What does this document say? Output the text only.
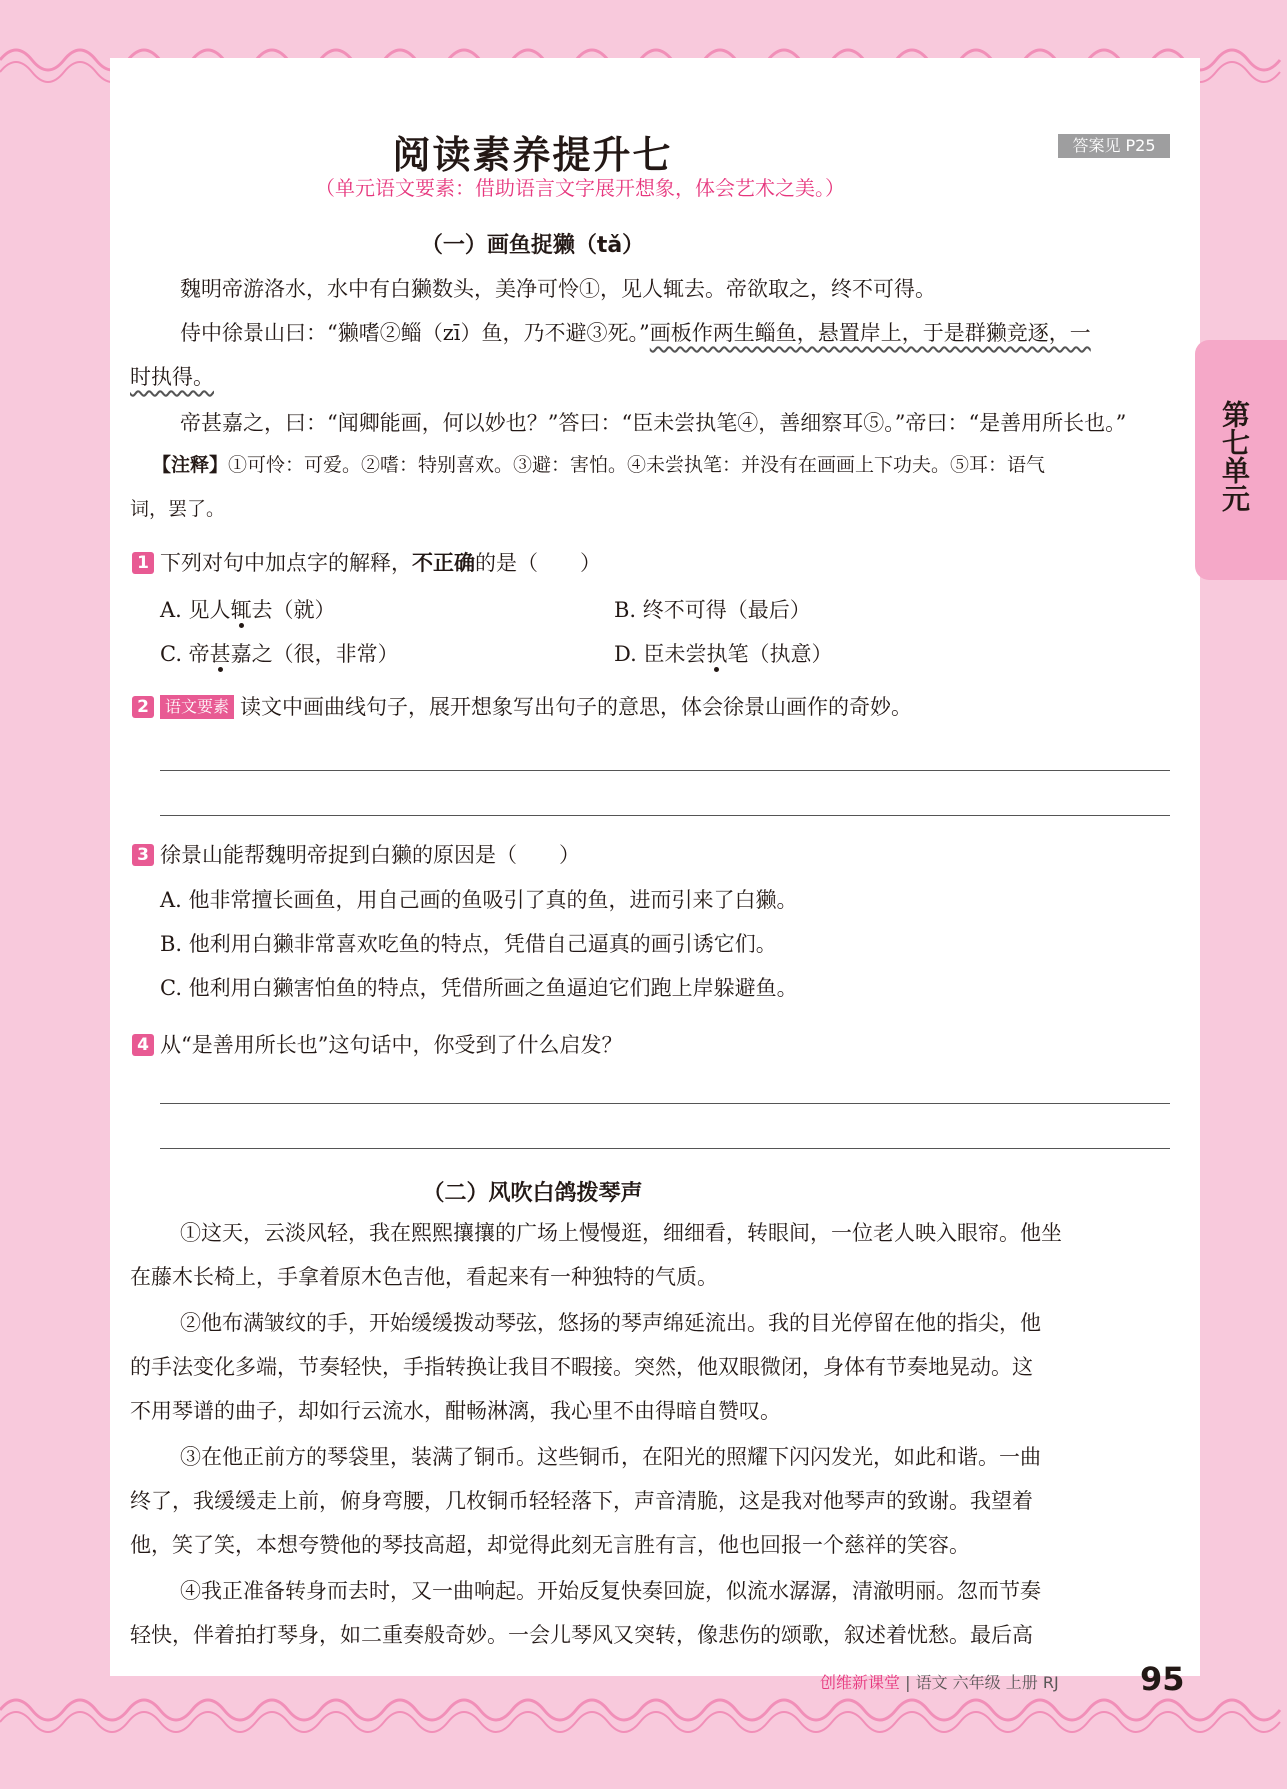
第七单元
阅读素养提升七	答案见 P25
（单元语文要素：借助语言文字展开想象，体会艺术之美。）
（一）画鱼捉獭（tǎ）
魏明帝游洛水，水中有白獭数头，美净可怜①，见人辄去。帝欲取之，终不可得。
侍中徐景山曰：“獭嗜②鲻（zī）鱼，乃不避③死。”画板作两生鲻鱼，悬置岸上，于是群獭竞逐，一
时执得。
帝甚嘉之，曰：“闻卿能画，何以妙也？”答曰：“臣未尝执笔④，善细察耳⑤。”帝曰：“是善用所长也。”
【注释】①可怜：可爱。②嗜：特别喜欢。③避：害怕。④未尝执笔：并没有在画画上下功夫。⑤耳：语气
词，罢了。
1 下列对句中加点字的解释，不正确的是（　　）
A. 见人辄去（就）	B. 终不可得（最后）
C. 帝甚嘉之（很，非常）	D. 臣未尝执笔（执意）
2 语文要素 读文中画曲线句子，展开想象写出句子的意思，体会徐景山画作的奇妙。
3 徐景山能帮魏明帝捉到白獭的原因是（　　）
A. 他非常擅长画鱼，用自己画的鱼吸引了真的鱼，进而引来了白獭。
B. 他利用白獭非常喜欢吃鱼的特点，凭借自己逼真的画引诱它们。
C. 他利用白獭害怕鱼的特点，凭借所画之鱼逼迫它们跑上岸躲避鱼。
4 从“是善用所长也”这句话中，你受到了什么启发？
（二）风吹白鸽拨琴声
①这天，云淡风轻，我在熙熙攘攘的广场上慢慢逛，细细看，转眼间，一位老人映入眼帘。他坐
在藤木长椅上，手拿着原木色吉他，看起来有一种独特的气质。
②他布满皱纹的手，开始缓缓拨动琴弦，悠扬的琴声绵延流出。我的目光停留在他的指尖，他
的手法变化多端，节奏轻快，手指转换让我目不暇接。突然，他双眼微闭，身体有节奏地晃动。这
不用琴谱的曲子，却如行云流水，酣畅淋漓，我心里不由得暗自赞叹。
③在他正前方的琴袋里，装满了铜币。这些铜币，在阳光的照耀下闪闪发光，如此和谐。一曲
终了，我缓缓走上前，俯身弯腰，几枚铜币轻轻落下，声音清脆，这是我对他琴声的致谢。我望着
他，笑了笑，本想夸赞他的琴技高超，却觉得此刻无言胜有言，他也回报一个慈祥的笑容。
④我正准备转身而去时，又一曲响起。开始反复快奏回旋，似流水潺潺，清澈明丽。忽而节奏
轻快，伴着拍打琴身，如二重奏般奇妙。一会儿琴风又突转，像悲伤的颂歌，叙述着忧愁。最后高
创维新课堂 | 语文 六年级 上册 RJ	95
